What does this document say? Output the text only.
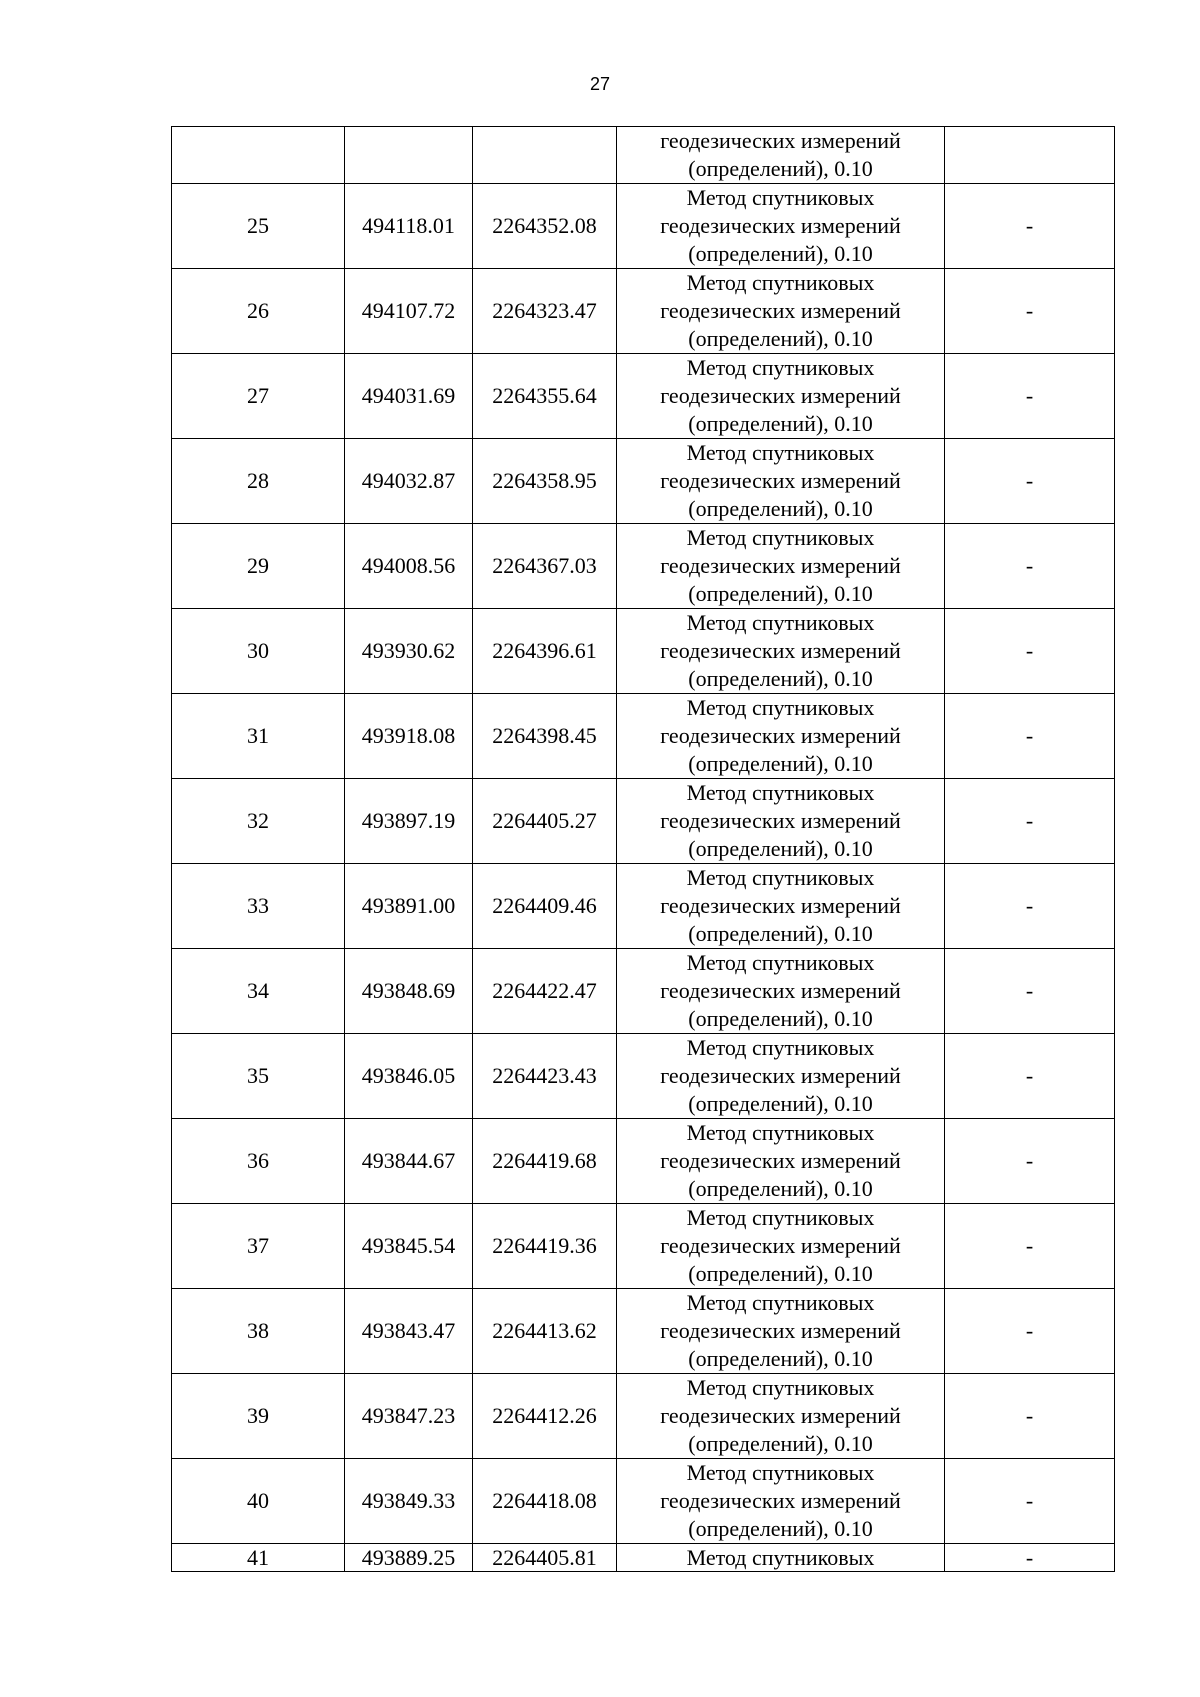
27

			геодезических измерений
(определений), 0.10	

25	494118.01	2264352.08	Метод спутниковых
геодезических измерений
(определений), 0.10	-
26	494107.72	2264323.47	Метод спутниковых
геодезических измерений
(определений), 0.10	-
27	494031.69	2264355.64	Метод спутниковых
геодезических измерений
(определений), 0.10	-
28	494032.87	2264358.95	Метод спутниковых
геодезических измерений
(определений), 0.10	-
29	494008.56	2264367.03	Метод спутниковых
геодезических измерений
(определений), 0.10	-
30	493930.62	2264396.61	Метод спутниковых
геодезических измерений
(определений), 0.10	-
31	493918.08	2264398.45	Метод спутниковых
геодезических измерений
(определений), 0.10	-
32	493897.19	2264405.27	Метод спутниковых
геодезических измерений
(определений), 0.10	-
33	493891.00	2264409.46	Метод спутниковых
геодезических измерений
(определений), 0.10	-
34	493848.69	2264422.47	Метод спутниковых
геодезических измерений
(определений), 0.10	-
35	493846.05	2264423.43	Метод спутниковых
геодезических измерений
(определений), 0.10	-
36	493844.67	2264419.68	Метод спутниковых
геодезических измерений
(определений), 0.10	-
37	493845.54	2264419.36	Метод спутниковых
геодезических измерений
(определений), 0.10	-
38	493843.47	2264413.62	Метод спутниковых
геодезических измерений
(определений), 0.10	-
39	493847.23	2264412.26	Метод спутниковых
геодезических измерений
(определений), 0.10	-
40	493849.33	2264418.08	Метод спутниковых
геодезических измерений
(определений), 0.10	-
41	493889.25	2264405.81	Метод спутниковых	-
